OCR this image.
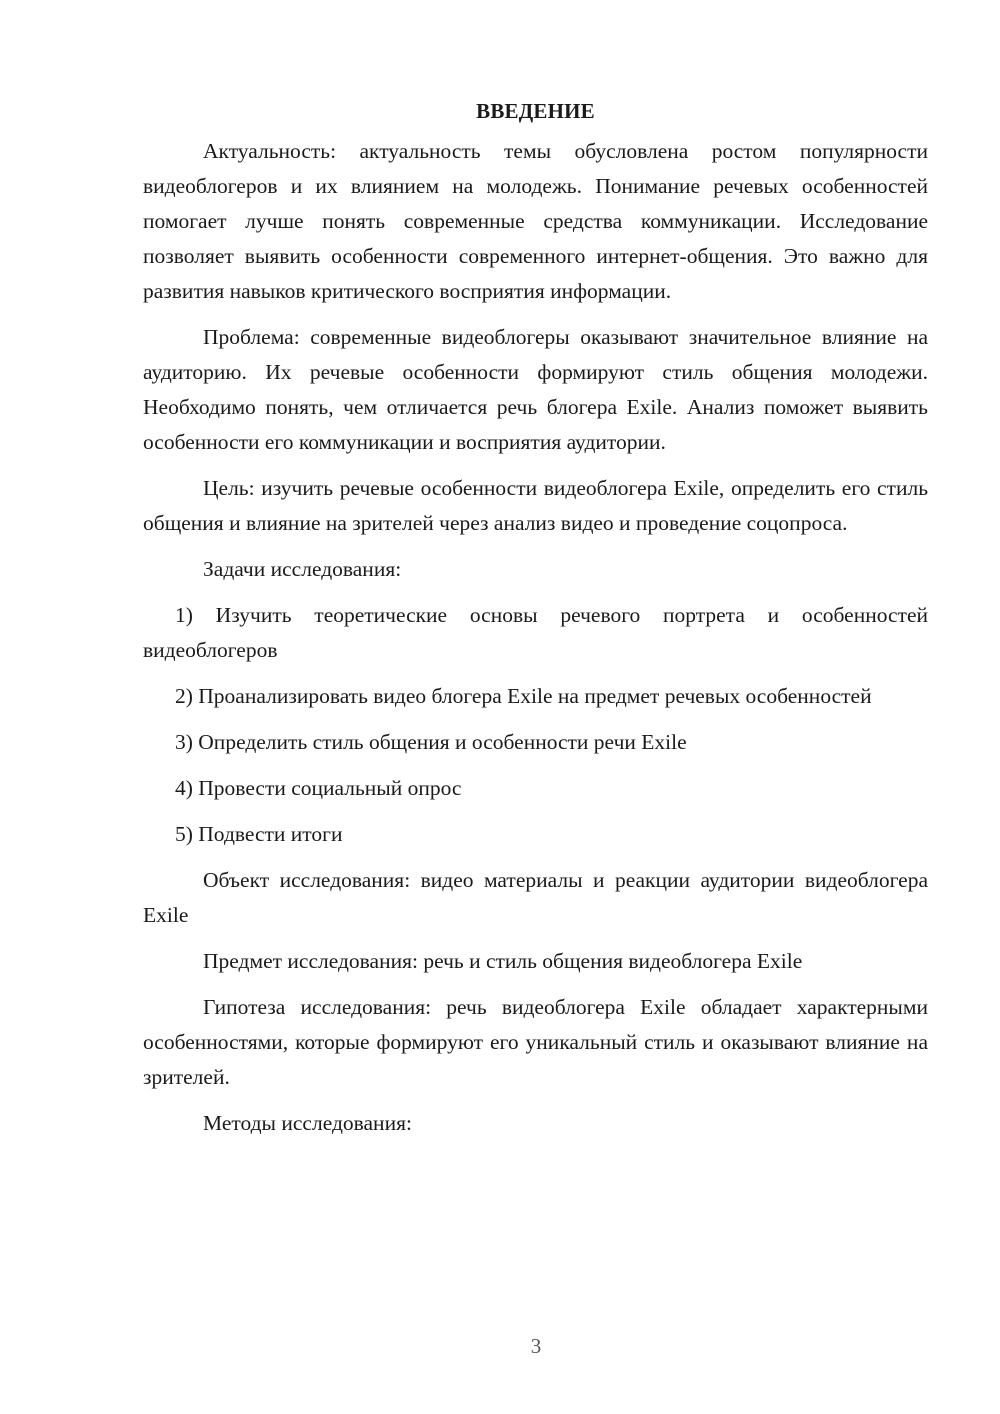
ВВЕДЕНИЕ

Актуальность: актуальность темы обусловлена ростом популярности видеоблогеров и их влиянием на молодежь. Понимание речевых особенностей помогает лучше понять современные средства коммуникации. Исследование позволяет выявить особенности современного интернет-общения. Это важно для развития навыков критического восприятия информации.

Проблема: современные видеоблогеры оказывают значительное влияние на аудиторию. Их речевые особенности формируют стиль общения молодежи. Необходимо понять, чем отличается речь блогера Exile. Анализ поможет выявить особенности его коммуникации и восприятия аудитории.

Цель: изучить речевые особенности видеоблогера Exile, определить его стиль общения и влияние на зрителей через анализ видео и проведение соцопроса.

Задачи исследования:

1) Изучить теоретические основы речевого портрета и особенностей видеоблогеров

2) Проанализировать видео блогера Exile на предмет речевых особенностей

3) Определить стиль общения и особенности речи Exile

4) Провести социальный опрос

5) Подвести итоги

Объект исследования: видео материалы и реакции аудитории видеоблогера Exile

Предмет исследования: речь и стиль общения видеоблогера Exile

Гипотеза исследования: речь видеоблогера Exile обладает характерными особенностями, которые формируют его уникальный стиль и оказывают влияние на зрителей.

Методы исследования:

3
